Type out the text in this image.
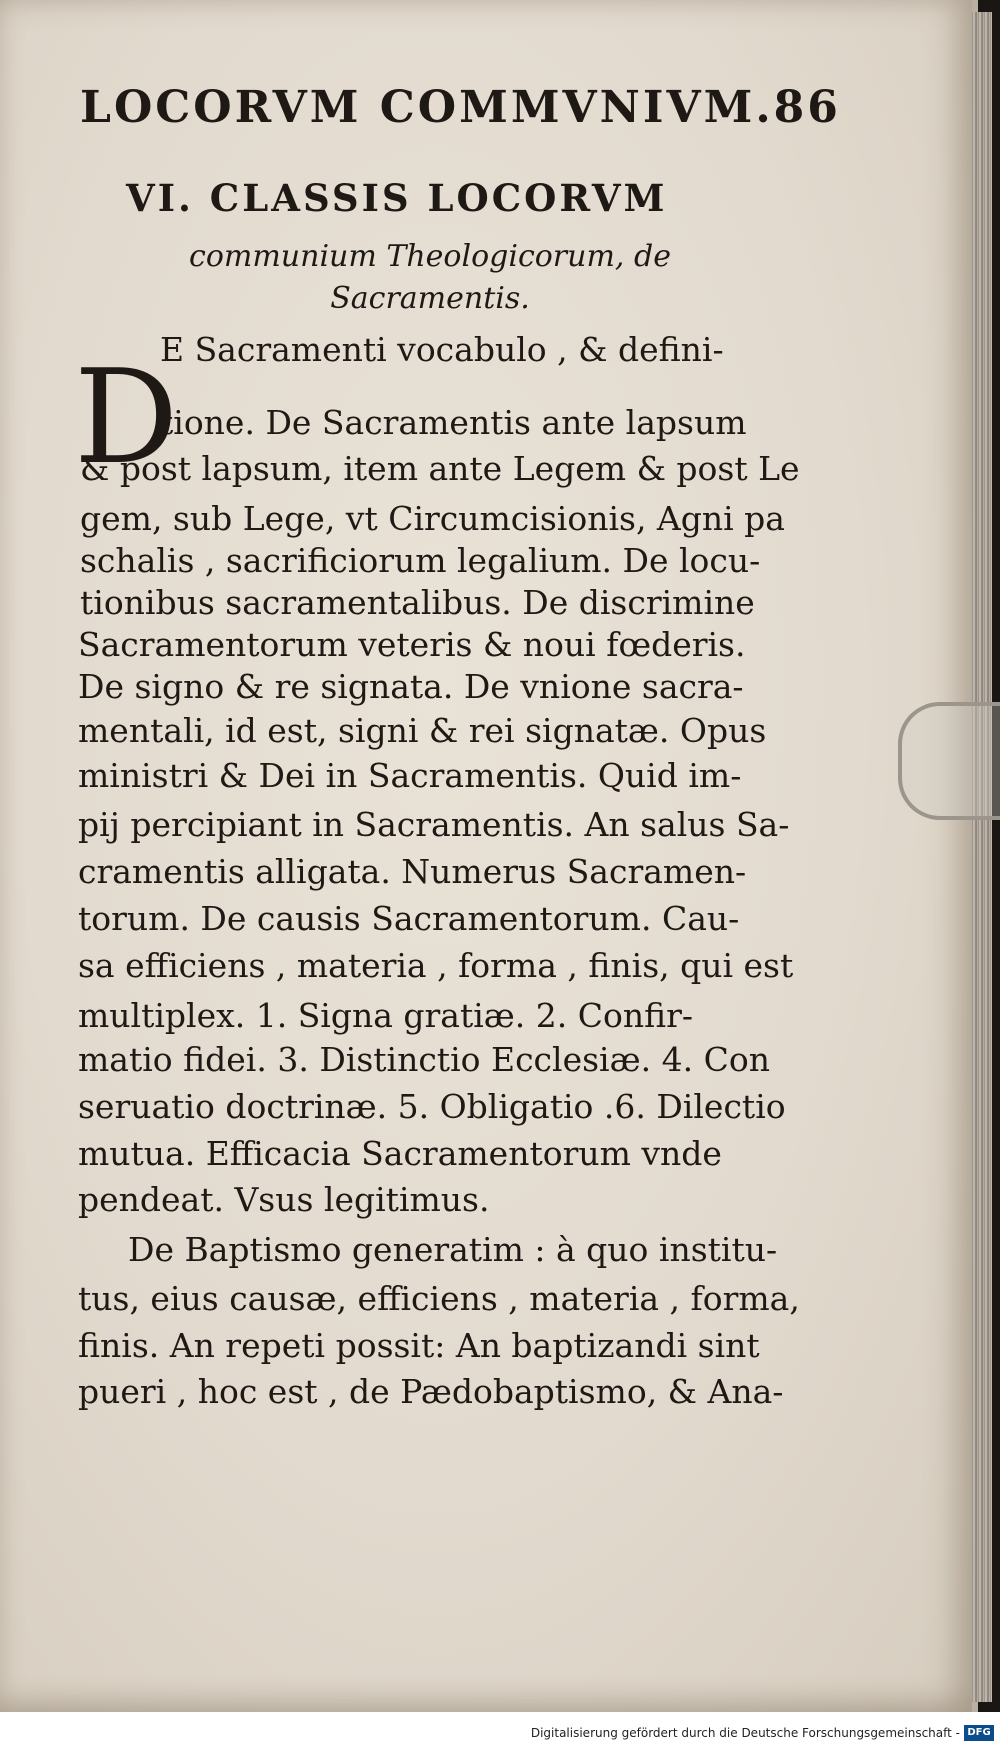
LOCORVM COMMVNIVM.86
VI. CLASSIS LOCORVM
communium Theologicorum, de Sacramentis.
D
E Sacramenti vocabulo , & defini-
tione. De Sacramentis ante lapsum
& post lapsum, item ante Legem & post Le
gem, sub Lege, vt Circumcisionis, Agni pa
schalis , sacrificiorum legalium. De locu-
tionibus sacramentalibus. De discrimine
Sacramentorum veteris & noui fœderis.
De signo & re signata. De vnione sacra-
mentali, id est, signi & rei signatæ. Opus
ministri & Dei in Sacramentis. Quid im-
pij percipiant in Sacramentis. An salus Sa-
cramentis alligata. Numerus Sacramen-
torum. De causis Sacramentorum. Cau-
sa efficiens , materia , forma , finis, qui est
multiplex. 1. Signa gratiæ. 2. Confir-
matio fidei. 3. Distinctio Ecclesiæ. 4. Con
seruatio doctrinæ. 5. Obligatio .6. Dilectio
mutua. Efficacia Sacramentorum vnde
pendeat. Vsus legitimus.
De Baptismo generatim : à quo institu-
tus, eius causæ, efficiens , materia , forma,
finis. An repeti possit: An baptizandi sint
pueri , hoc est , de Pædobaptismo, & Ana-
Digitalisierung gefördert durch die Deutsche Forschungsgemeinschaft - DFG
